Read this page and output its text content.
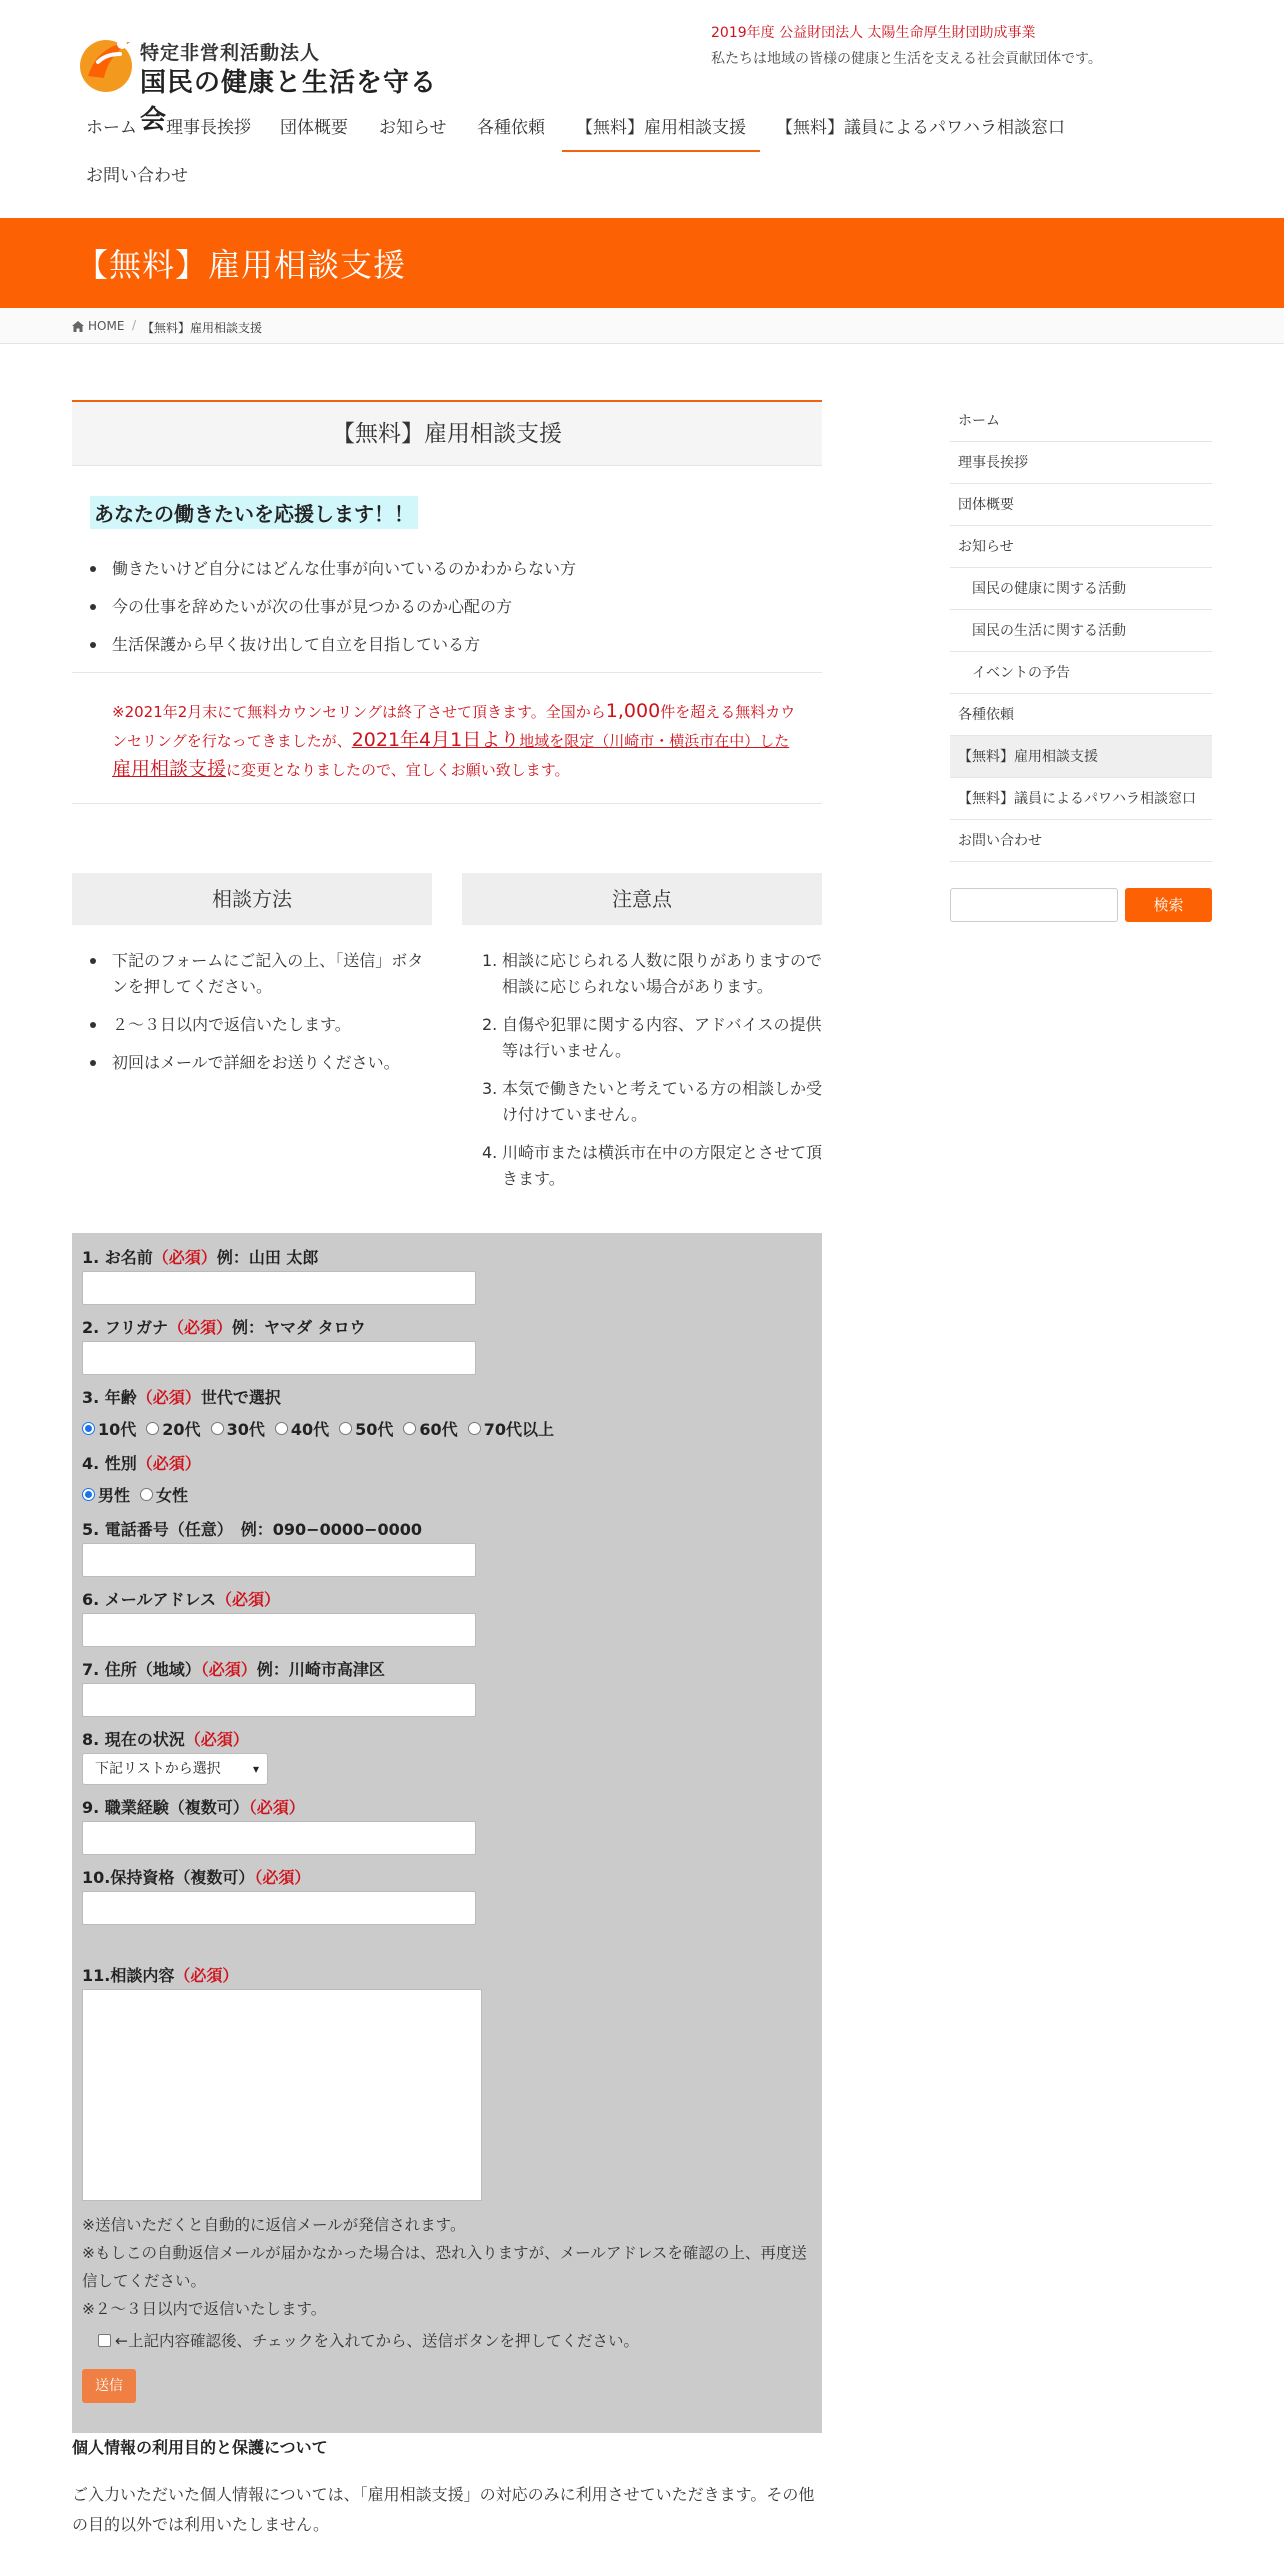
特定非営利活動法人
国民の健康と生活を守る会
2019年度 公益財団法人 太陽生命厚生財団助成事業
私たちは地域の皆様の健康と生活を支える社会貢献団体です。
ホーム	理事長挨拶	団体概要	お知らせ	各種依頼	【無料】雇用相談支援	【無料】議員によるパワハラ相談窓口
お問い合わせ
【無料】雇用相談支援
HOME / 【無料】雇用相談支援
【無料】雇用相談支援
あなたの働きたいを応援します！！
働きたいけど自分にはどんな仕事が向いているのかわからない方
今の仕事を辞めたいが次の仕事が見つかるのか心配の方
生活保護から早く抜け出して自立を目指している方

※2021年2月末にて無料カウンセリングは終了させて頂きます。全国から1,000件を超える無料カウンセリングを行なってきましたが、2021年4月1日より地域を限定（川崎市・横浜市在中）した雇用相談支援に変更となりましたので、宜しくお願い致します。

相談方法	注意点
下記のフォームにご記入の上、「送信」ボタンを押してください。
２〜３日以内で返信いたします。
初回はメールで詳細をお送りください。
1. 相談に応じられる人数に限りがありますので相談に応じられない場合があります。
2. 自傷や犯罪に関する内容、アドバイスの提供等は行いません。
3. 本気で働きたいと考えている方の相談しか受け付けていません。
4. 川崎市または横浜市在中の方限定とさせて頂きます。
1. お名前（必須）例：山田 太郎
2. フリガナ（必須）例：ヤマダ タロウ
3. 年齢（必須）世代で選択
10代 20代 30代 40代 50代 60代 70代以上
4. 性別（必須）
男性 女性
5. 電話番号（任意）　例：090−0000−0000
6. メールアドレス（必須）
7. 住所（地域）（必須）例：川崎市高津区
8. 現在の状況（必須）
下記リストから選択	▾
9. 職業経験（複数可）（必須）
10.保持資格（複数可）（必須）
11.相談内容（必須）
※送信いただくと自動的に返信メールが発信されます。
※もしこの自動返信メールが届かなかった場合は、恐れ入りますが、メールアドレスを確認の上、再度送信してください。
※２〜３日以内で返信いたします。
←上記内容確認後、チェックを入れてから、送信ボタンを押してください。
送信
個人情報の利用目的と保護について
ご入力いただいた個人情報については、「雇用相談支援」の対応のみに利用させていただきます。その他の目的以外では利用いたしません。
ホーム
理事長挨拶
団体概要
お知らせ
国民の健康に関する活動
国民の生活に関する活動
イベントの予告
各種依頼
【無料】雇用相談支援
【無料】議員によるパワハラ相談窓口
お問い合わせ
検索
